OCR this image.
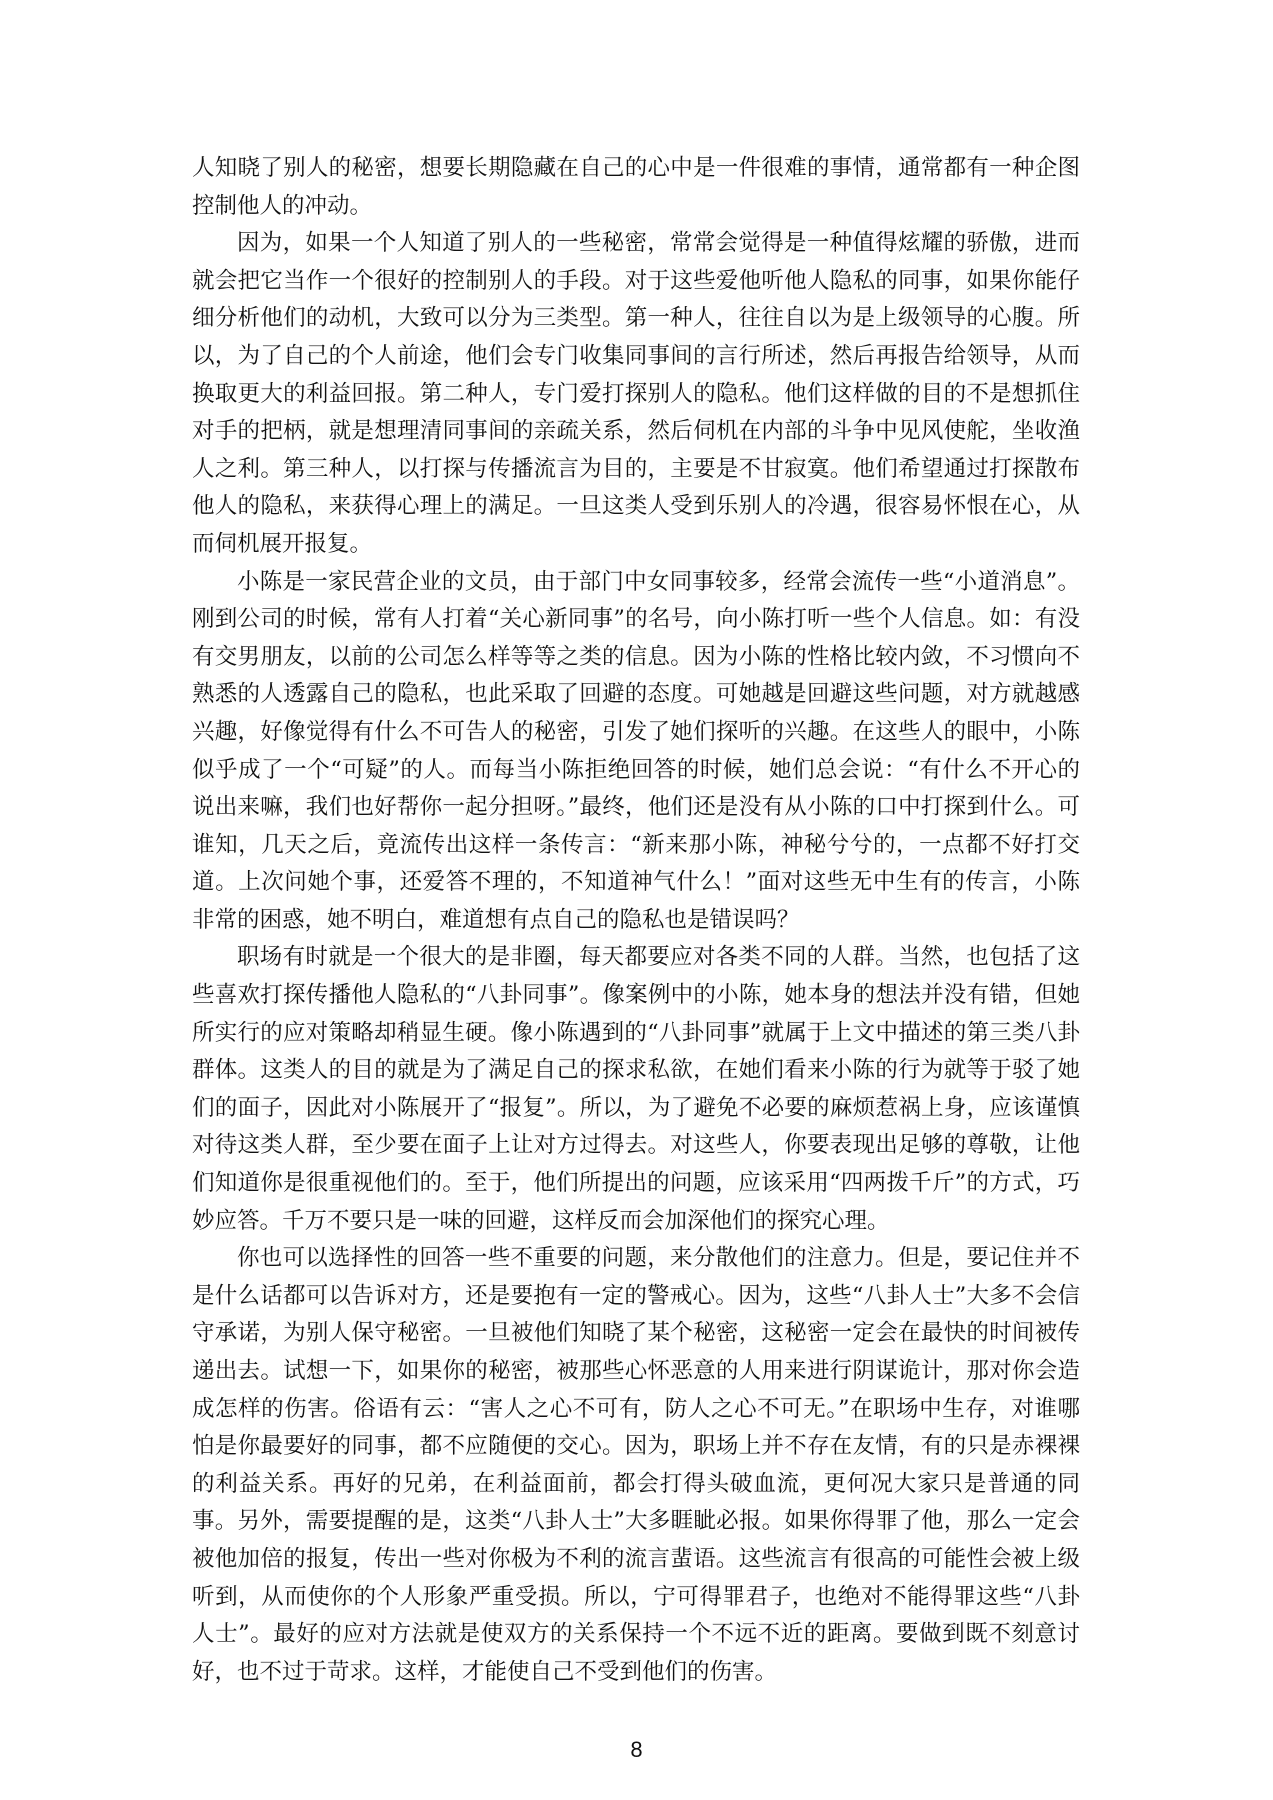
人知晓了别人的秘密，想要长期隐藏在自己的心中是一件很难的事情，通常都有一种企图控制他人的冲动。

因为，如果一个人知道了别人的一些秘密，常常会觉得是一种值得炫耀的骄傲，进而就会把它当作一个很好的控制别人的手段。对于这些爱他听他人隐私的同事，如果你能仔细分析他们的动机，大致可以分为三类型。第一种人，往往自以为是上级领导的心腹。所以，为了自己的个人前途，他们会专门收集同事间的言行所述，然后再报告给领导，从而换取更大的利益回报。第二种人，专门爱打探别人的隐私。他们这样做的目的不是想抓住对手的把柄，就是想理清同事间的亲疏关系，然后伺机在内部的斗争中见风使舵，坐收渔人之利。第三种人，以打探与传播流言为目的，主要是不甘寂寞。他们希望通过打探散布他人的隐私，来获得心理上的满足。一旦这类人受到乐别人的冷遇，很容易怀恨在心，从而伺机展开报复。

小陈是一家民营企业的文员，由于部门中女同事较多，经常会流传一些“小道消息”。刚到公司的时候，常有人打着“关心新同事”的名号，向小陈打听一些个人信息。如：有没有交男朋友，以前的公司怎么样等等之类的信息。因为小陈的性格比较内敛，不习惯向不熟悉的人透露自己的隐私，也此采取了回避的态度。可她越是回避这些问题，对方就越感兴趣，好像觉得有什么不可告人的秘密，引发了她们探听的兴趣。在这些人的眼中，小陈似乎成了一个“可疑”的人。而每当小陈拒绝回答的时候，她们总会说：“有什么不开心的说出来嘛，我们也好帮你一起分担呀。”最终，他们还是没有从小陈的口中打探到什么。可谁知，几天之后，竟流传出这样一条传言：“新来那小陈，神秘兮兮的，一点都不好打交道。上次问她个事，还爱答不理的，不知道神气什么！”面对这些无中生有的传言，小陈非常的困惑，她不明白，难道想有点自己的隐私也是错误吗？

职场有时就是一个很大的是非圈，每天都要应对各类不同的人群。当然，也包括了这些喜欢打探传播他人隐私的“八卦同事”。像案例中的小陈，她本身的想法并没有错，但她所实行的应对策略却稍显生硬。像小陈遇到的“八卦同事”就属于上文中描述的第三类八卦群体。这类人的目的就是为了满足自己的探求私欲，在她们看来小陈的行为就等于驳了她们的面子，因此对小陈展开了“报复”。所以，为了避免不必要的麻烦惹祸上身，应该谨慎对待这类人群，至少要在面子上让对方过得去。对这些人，你要表现出足够的尊敬，让他们知道你是很重视他们的。至于，他们所提出的问题，应该采用“四两拨千斤”的方式，巧妙应答。千万不要只是一味的回避，这样反而会加深他们的探究心理。

你也可以选择性的回答一些不重要的问题，来分散他们的注意力。但是，要记住并不是什么话都可以告诉对方，还是要抱有一定的警戒心。因为，这些“八卦人士”大多不会信守承诺，为别人保守秘密。一旦被他们知晓了某个秘密，这秘密一定会在最快的时间被传递出去。试想一下，如果你的秘密，被那些心怀恶意的人用来进行阴谋诡计，那对你会造成怎样的伤害。俗语有云：“害人之心不可有，防人之心不可无。”在职场中生存，对谁哪怕是你最要好的同事，都不应随便的交心。因为，职场上并不存在友情，有的只是赤裸裸的利益关系。再好的兄弟，在利益面前，都会打得头破血流，更何况大家只是普通的同事。另外，需要提醒的是，这类“八卦人士”大多睚眦必报。如果你得罪了他，那么一定会被他加倍的报复，传出一些对你极为不利的流言蜚语。这些流言有很高的可能性会被上级听到，从而使你的个人形象严重受损。所以，宁可得罪君子，也绝对不能得罪这些“八卦人士”。最好的应对方法就是使双方的关系保持一个不远不近的距离。要做到既不刻意讨好，也不过于苛求。这样，才能使自己不受到他们的伤害。

8
